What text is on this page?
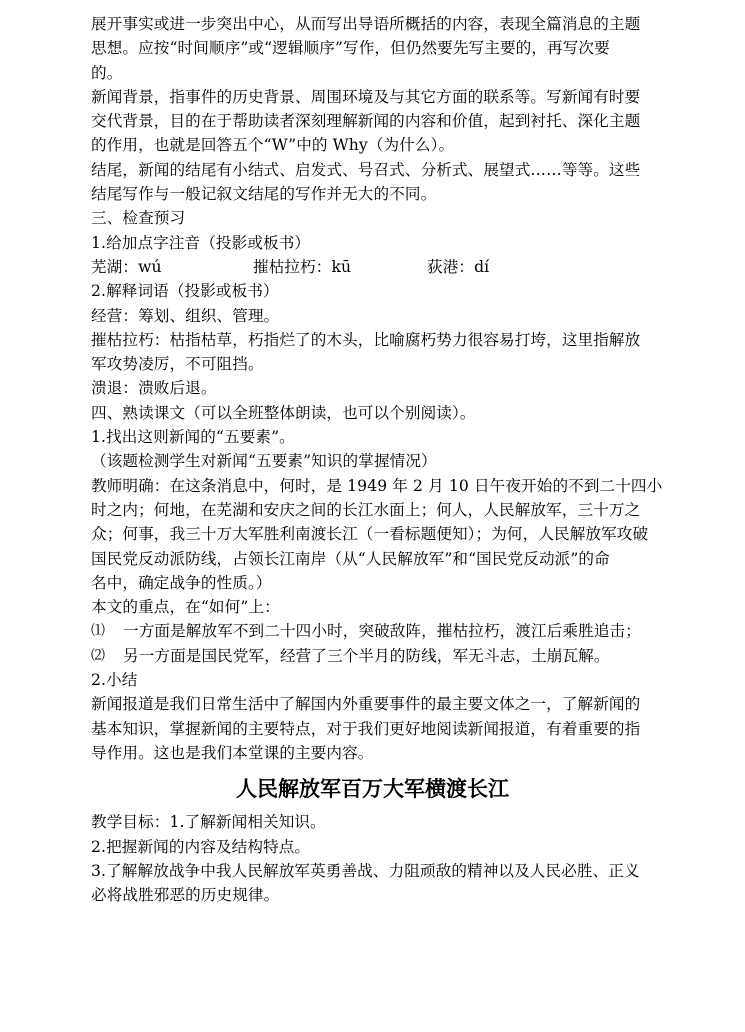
展开事实或进一步突出中心，从而写出导语所概括的内容，表现全篇消息的主题
思想。应按“时间顺序”或“逻辑顺序”写作，但仍然要先写主要的，再写次要
的。
新闻背景，指事件的历史背景、周围环境及与其它方面的联系等。写新闻有时要
交代背景，目的在于帮助读者深刻理解新闻的内容和价值，起到衬托、深化主题
的作用，也就是回答五个“W”中的 Why（为什么）。
结尾，新闻的结尾有小结式、启发式、号召式、分析式、展望式……等等。这些
结尾写作与一般记叙文结尾的写作并无大的不同。
三、检查预习
1.给加点字注音（投影或板书）
芜湖：wú	摧枯拉朽：kū	荻港：dí
2.解释词语（投影或板书）
经营：筹划、组织、管理。
摧枯拉朽：枯指枯草，朽指烂了的木头，比喻腐朽势力很容易打垮，这里指解放
军攻势凌厉，不可阻挡。
溃退：溃败后退。
四、熟读课文（可以全班整体朗读，也可以个别阅读）。
1.找出这则新闻的“五要素”。
（该题检测学生对新闻“五要素”知识的掌握情况）
教师明确：在这条消息中，何时，是 1949 年 2 月 10 日午夜开始的不到二十四小
时之内；何地，在芜湖和安庆之间的长江水面上；何人，人民解放军，三十万之
众；何事，我三十万大军胜利南渡长江（一看标题便知）；为何，人民解放军攻破
国民党反动派防线，占领长江南岸（从“人民解放军”和“国民党反动派”的命
名中，确定战争的性质。）
本文的重点，在“如何”上：
⑴	一方面是解放军不到二十四小时，突破敌阵，摧枯拉朽，渡江后乘胜追击；
⑵	另一方面是国民党军，经营了三个半月的防线，军无斗志，土崩瓦解。
2.小结
新闻报道是我们日常生活中了解国内外重要事件的最主要文体之一，了解新闻的
基本知识，掌握新闻的主要特点，对于我们更好地阅读新闻报道，有着重要的指
导作用。这也是我们本堂课的主要内容。
人民解放军百万大军横渡长江
教学目标：1.了解新闻相关知识。
2.把握新闻的内容及结构特点。
3.了解解放战争中我人民解放军英勇善战、力阻顽敌的精神以及人民必胜、正义
必将战胜邪恶的历史规律。
